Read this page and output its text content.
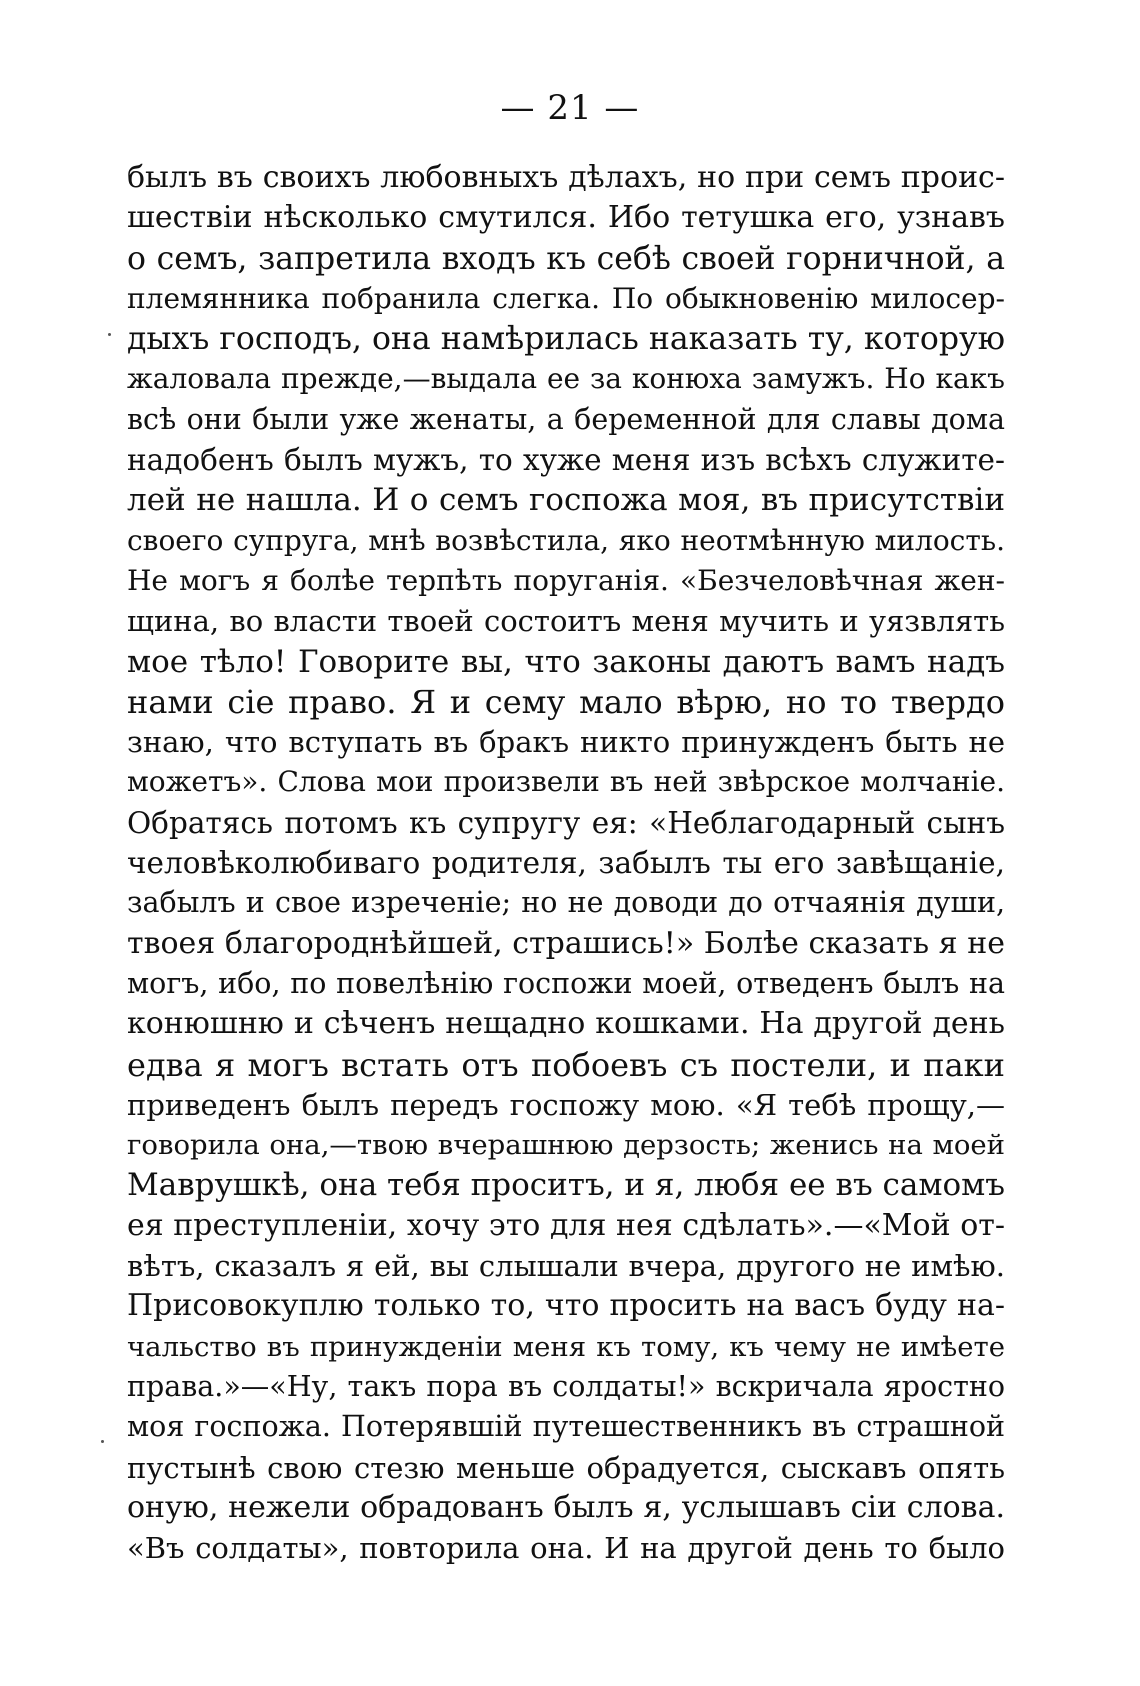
— 21 —
былъ въ своихъ любовныхъ дѣлахъ, но при семъ проис-
шествіи нѣсколько смутился. Ибо тетушка его, узнавъ
о семъ, запретила входъ къ себѣ своей горничной, а
племянника побранила слегка. По обыкновенію милосер-
дыхъ господъ, она намѣрилась наказать ту, которую
жаловала прежде,—выдала ее за конюха замужъ. Но какъ
всѣ они были уже женаты, а беременной для славы дома
надобенъ былъ мужъ, то хуже меня изъ всѣхъ служите-
лей не нашла. И о семъ госпожа моя, въ присутствіи
своего супруга, мнѣ возвѣстила, яко неотмѣнную милость.
Не могъ я болѣе терпѣть поруганія. «Безчеловѣчная жен-
щина, во власти твоей состоитъ меня мучить и уязвлять
мое тѣло! Говорите вы, что законы даютъ вамъ надъ
нами сіе право. Я и сему мало вѣрю, но то твердо
знаю, что вступать въ бракъ никто принужденъ быть не
можетъ». Слова мои произвели въ ней звѣрское молчаніе.
Обратясь потомъ къ супругу ея: «Неблагодарный сынъ
человѣколюбиваго родителя, забылъ ты его завѣщаніе,
забылъ и свое изреченіе; но не доводи до отчаянія души,
твоея благороднѣйшей, страшись!» Болѣе сказать я не
могъ, ибо, по повелѣнію госпожи моей, отведенъ былъ на
конюшню и сѣченъ нещадно кошками. На другой день
едва я могъ встать отъ побоевъ съ постели, и паки
приведенъ былъ передъ госпожу мою. «Я тебѣ прощу,—
говорила она,—твою вчерашнюю дерзость; женись на моей
Маврушкѣ, она тебя проситъ, и я, любя ее въ самомъ
ея преступленіи, хочу это для нея сдѣлать».—«Мой от-
вѣтъ, сказалъ я ей, вы слышали вчера, другого не имѣю.
Присовокуплю только то, что просить на васъ буду на-
чальство въ принужденіи меня къ тому, къ чему не имѣете
права.»—«Ну, такъ пора въ солдаты!» вскричала яростно
моя госпожа. Потерявшій путешественникъ въ страшной
пустынѣ свою стезю меньше обрадуется, сыскавъ опять
оную, нежели обрадованъ былъ я, услышавъ сіи слова.
«Въ солдаты», повторила она. И на другой день то было
